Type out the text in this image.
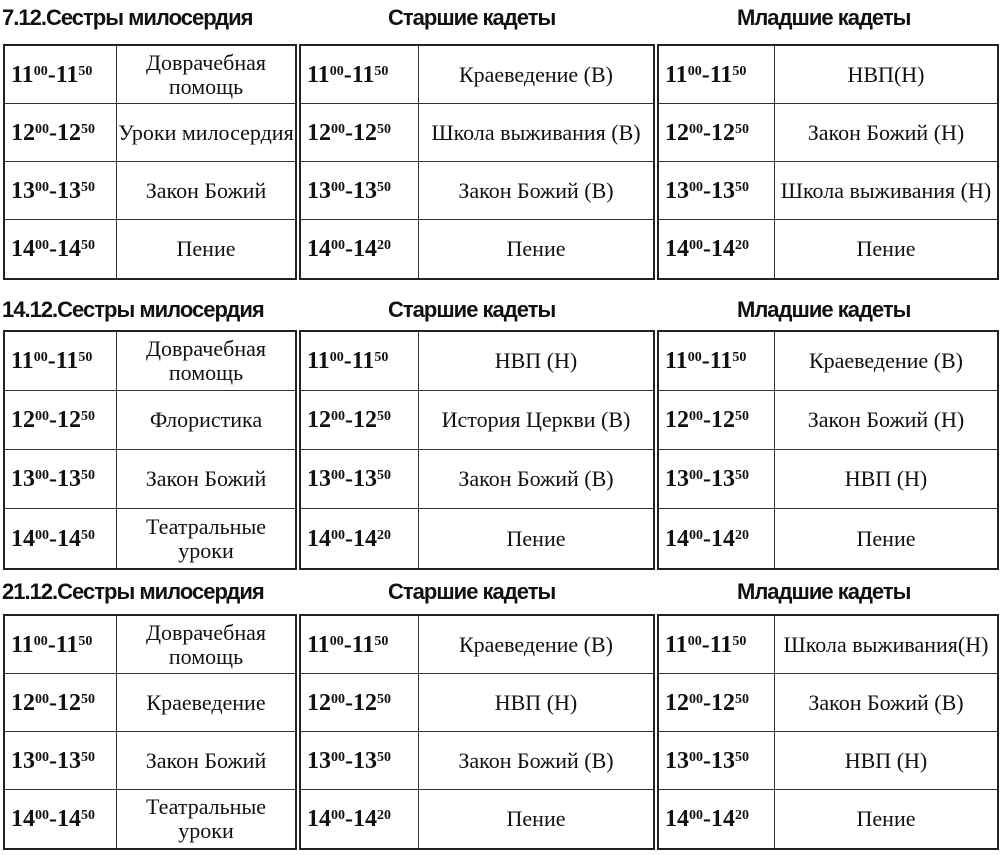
7.12.Сестры милосердия	Старшие кадеты	Младшие кадеты
$11^{00} - 11^{50}$	Доврачебная помощь
$12^{00} - 12^{50}$ Уроки милосердия
$13^{00} - 13^{50}$	Закон Божий
$14^{00} - 14^{50}$	Пение
$11^{00} - 11^{50}$	Краеведение (В)
$12^{00} - 12^{50}$	Школа выживания (В)
$13^{00} - 13^{50}$	Закон Божий (В)
$14^{00} - 14^{20}$	Пение
$11^{00} - 11^{50}$	НВП(Н)
$12^{00} - 12^{50}$	Закон Божий (Н)
$13^{00} - 13^{50}$ Школа выживания (Н)
$14^{00} - 14^{20}$	Пение
14.12.Сестры милосердия	Старшие кадеты	Младшие кадеты
$11^{00} - 11^{50}$	Доврачебная помощь
$12^{00} - 12^{50}$	Флористика
$13^{00} - 13^{50}$	Закон Божий
$14^{00} - 14^{50}$	Театральные уроки
$11^{00} - 11^{50}$	НВП (Н)
$12^{00} - 12^{50}$	История Церкви (В)
$13^{00} - 13^{50}$	Закон Божий (В)
$14^{00} - 14^{20}$	Пение
$11^{00} - 11^{50}$	Краеведение (В)
$12^{00} - 12^{50}$	Закон Божий (Н)
$13^{00} - 13^{50}$	НВП (Н)
$14^{00} - 14^{20}$	Пение
21.12.Сестры милосердия	Старшие кадеты	Младшие кадеты
$11^{00} - 11^{50}$	Доврачебная помощь
$12^{00} - 12^{50}$	Краеведение
$13^{00} - 13^{50}$	Закон Божий
$14^{00} - 14^{50}$	Театральные уроки
$11^{00} - 11^{50}$	Краеведение (В)
$12^{00} - 12^{50}$	НВП (Н)
$13^{00} - 13^{50}$	Закон Божий (В)
$14^{00} - 14^{20}$	Пение
$11^{00} - 11^{50}$	Школа выживания(Н)
$12^{00} - 12^{50}$	Закон Божий (В)
$13^{00} - 13^{50}$	НВП (Н)
$14^{00} - 14^{20}$	Пение
